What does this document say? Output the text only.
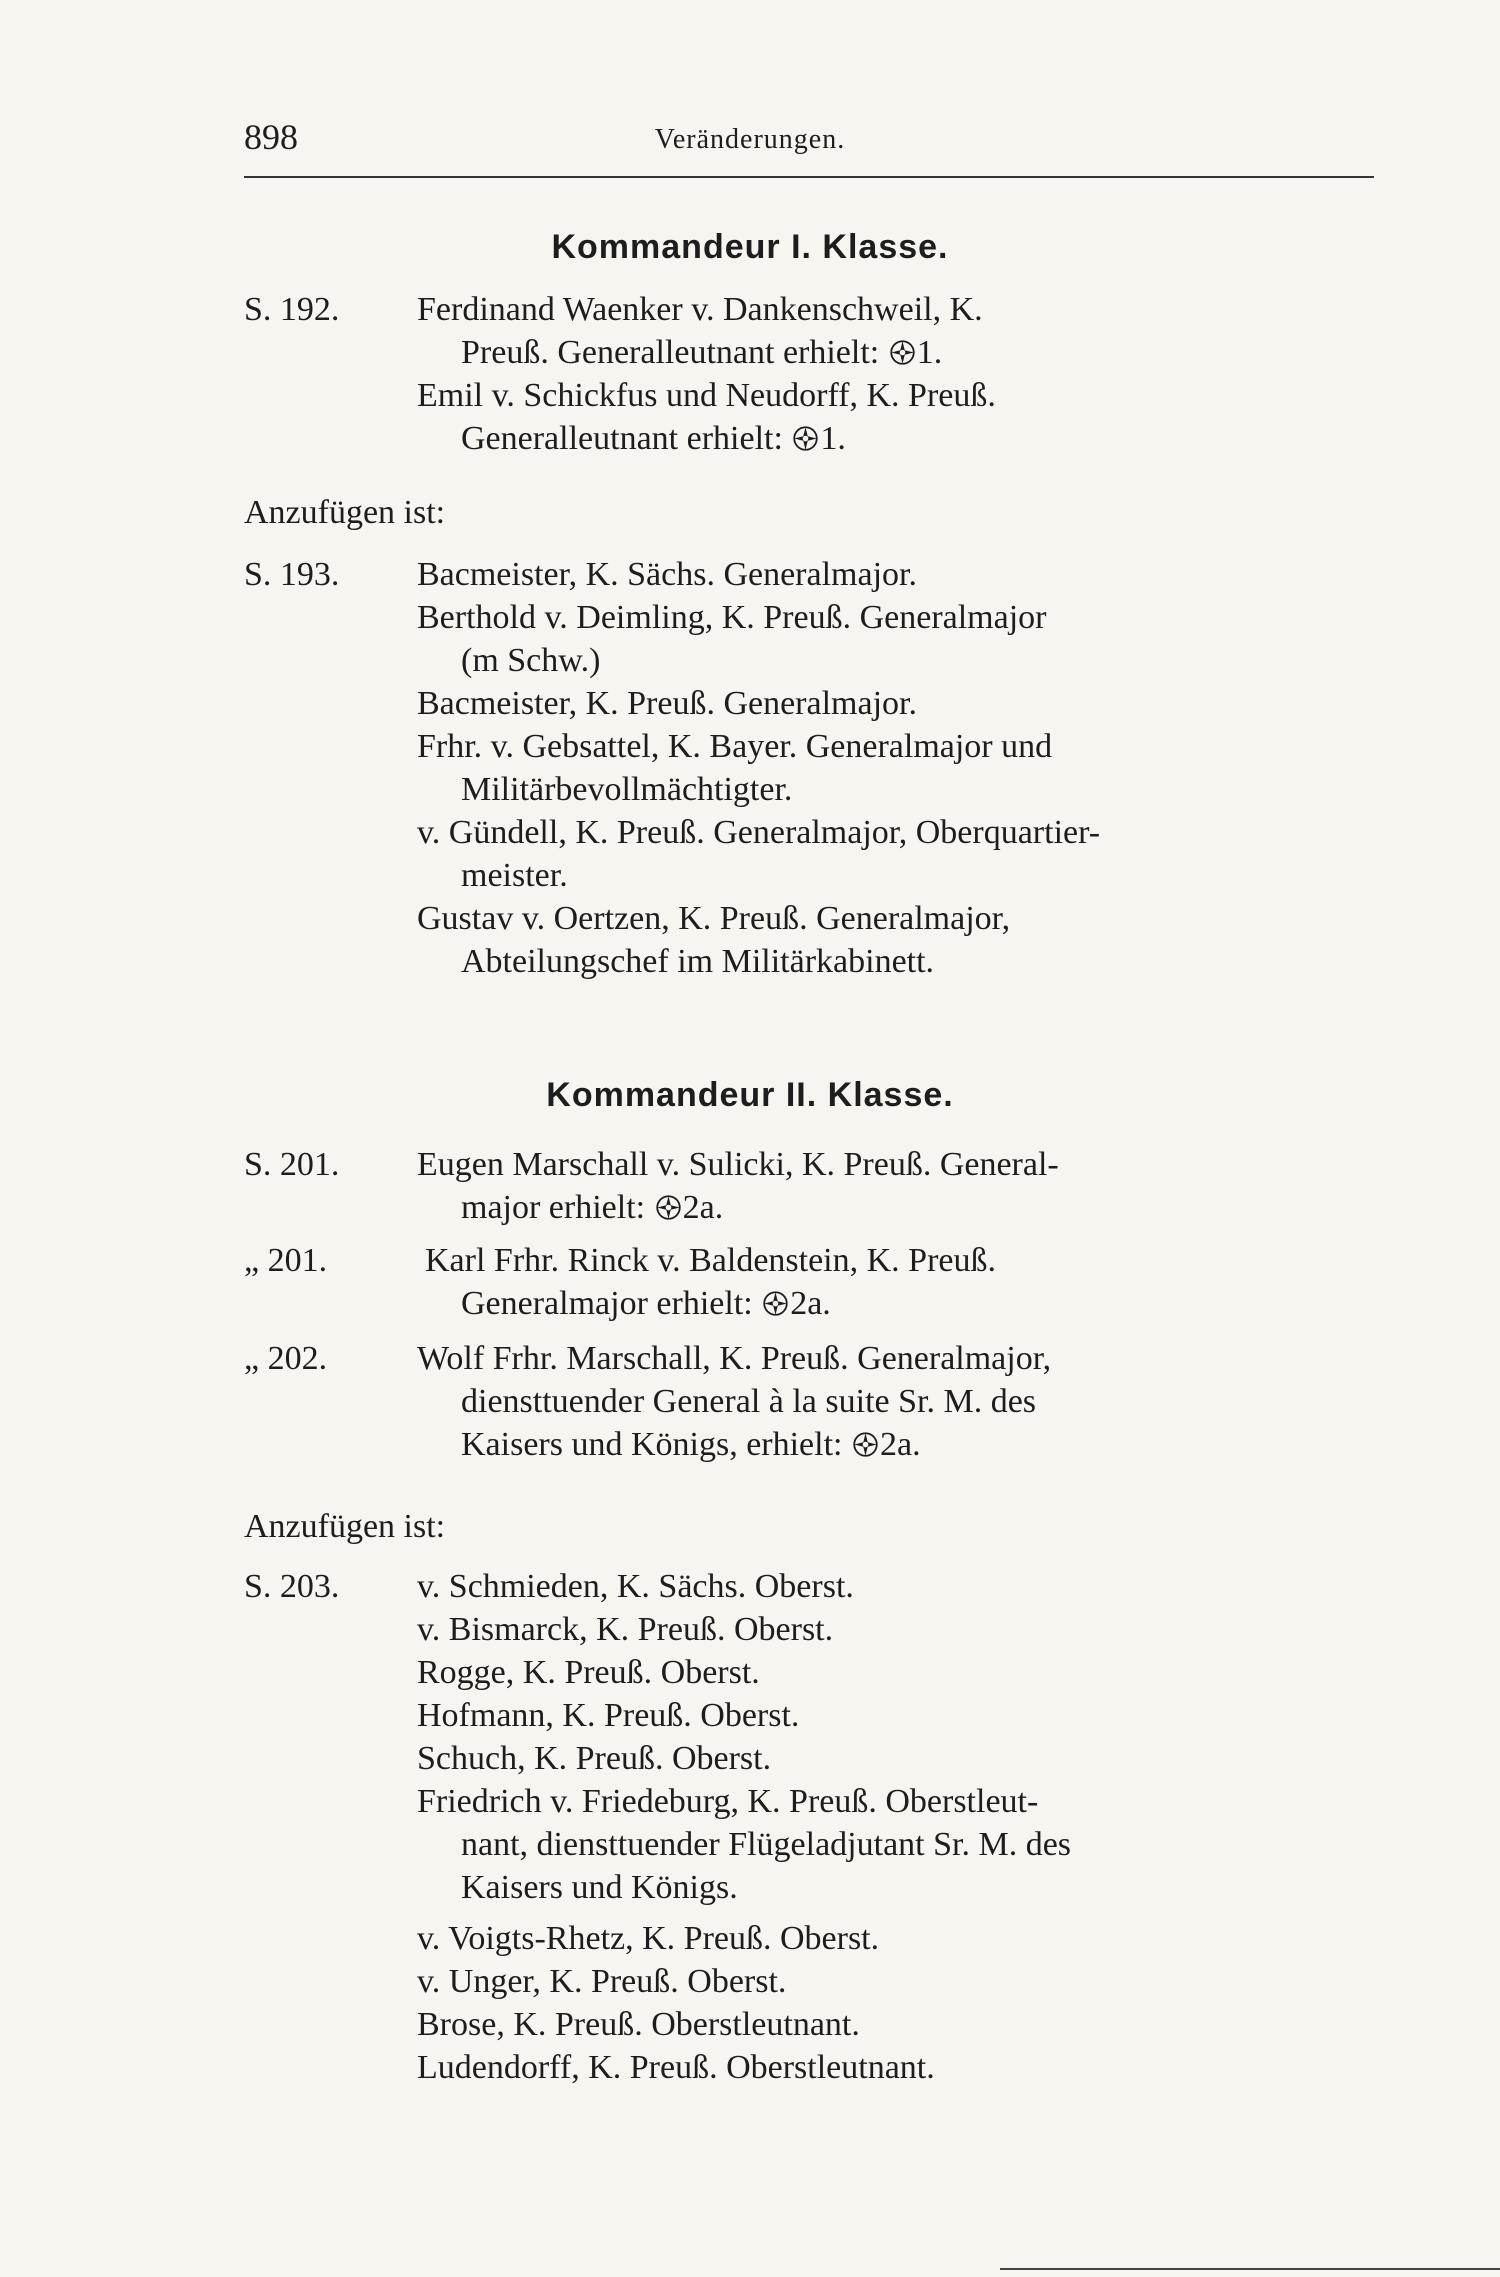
898	Veränderungen.
Kommandeur I. Klasse.
S. 192. Ferdinand Waenker v. Dankenschweil, K.
Preuß. Generalleutnant erhielt: 1.
Emil v. Schickfus und Neudorff, K. Preuß.
Generalleutnant erhielt: 1.
Anzufügen ist:
S. 193. Bacmeister, K. Sächs. Generalmajor.
Berthold v. Deimling, K. Preuß. Generalmajor
(m Schw.)
Bacmeister, K. Preuß. Generalmajor.
Frhr. v. Gebsattel, K. Bayer. Generalmajor und
Militärbevollmächtigter.
v. Gündell, K. Preuß. Generalmajor, Oberquartier-
meister.
Gustav v. Oertzen, K. Preuß. Generalmajor,
Abteilungschef im Militärkabinett.
Kommandeur II. Klasse.
S. 201. Eugen Marschall v. Sulicki, K. Preuß. General-
major erhielt: 2a.
„ 201.	Karl Frhr. Rinck v. Baldenstein, K. Preuß.
Generalmajor erhielt: 2a.
„ 202.	Wolf Frhr. Marschall, K. Preuß. Generalmajor,
diensttuender General à la suite Sr. M. des
Kaisers und Königs, erhielt: 2a.
Anzufügen ist:
S. 203. v. Schmieden, K. Sächs. Oberst.
v. Bismarck, K. Preuß. Oberst.
Rogge, K. Preuß. Oberst.
Hofmann, K. Preuß. Oberst.
Schuch, K. Preuß. Oberst.
Friedrich v. Friedeburg, K. Preuß. Oberstleut-
nant, diensttuender Flügeladjutant Sr. M. des
Kaisers und Königs.
v. Voigts-Rhetz, K. Preuß. Oberst.
v. Unger, K. Preuß. Oberst.
Brose, K. Preuß. Oberstleutnant.
Ludendorff, K. Preuß. Oberstleutnant.
